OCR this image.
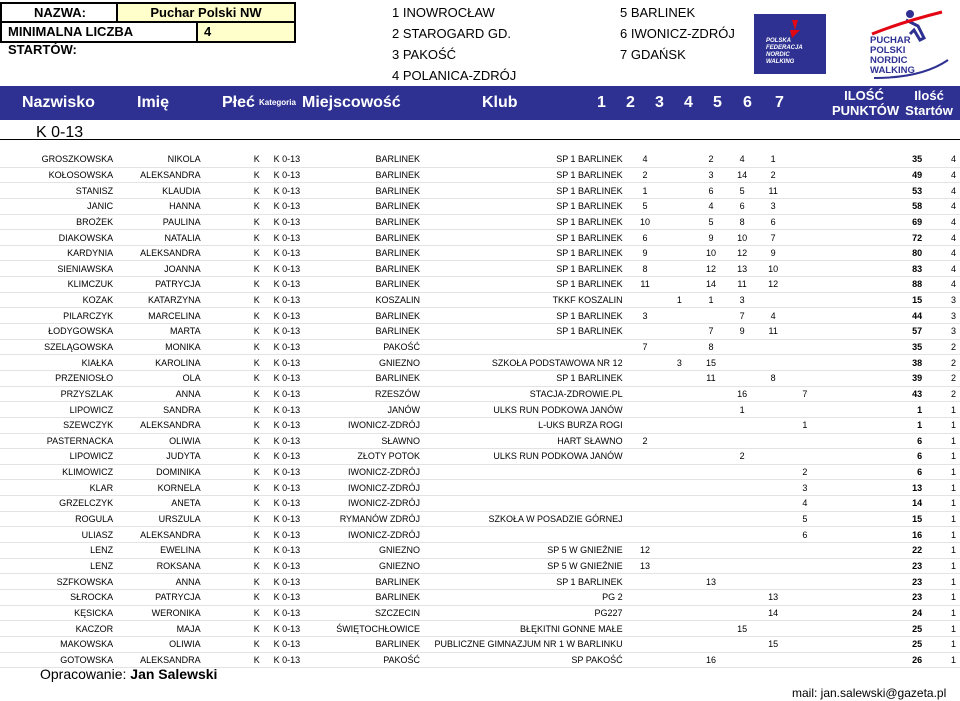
NAZWA:	Puchar Polski NW
MINIMALNA LICZBA STARTÓW:
4
1 INOWROCŁAW
2 STAROGARD GD.
3 PAKOŚĆ
4 POLANICA-ZDRÓJ
5 BARLINEK
6 IWONICZ-ZDRÓJ
7 GDAŃSK
POLSKA
FEDERACJA
NORDIC
WALKING
PUCHAR
POLSKI
NORDIC
WALKING
Nazwisko	Imię	Płeć Kategoria Miejscowość	Klub	1 2 3 4 5 6 7	ILOŚĆ
PUNKTÓW
Ilość
Startów
K 0-13
GROSZKOWSKA	NIKOLA	K	K 0-13	BARLINEK	SP 1 BARLINEK	4		2	4	1			35	4
KOŁOSOWSKA	ALEKSANDRA	K	K 0-13	BARLINEK	SP 1 BARLINEK	2		3	14	2			49	4
STANISZ	KLAUDIA	K	K 0-13	BARLINEK	SP 1 BARLINEK	1		6	5	11			53	4
JANIC	HANNA	K	K 0-13	BARLINEK	SP 1 BARLINEK	5		4	6	3			58	4
BROŻEK	PAULINA	K	K 0-13	BARLINEK	SP 1 BARLINEK	10		5	8	6			69	4
DIAKOWSKA	NATALIA	K	K 0-13	BARLINEK	SP 1 BARLINEK	6		9	10	7			72	4
KARDYNIA	ALEKSANDRA	K	K 0-13	BARLINEK	SP 1 BARLINEK	9		10	12	9			80	4
SIENIAWSKA	JOANNA	K	K 0-13	BARLINEK	SP 1 BARLINEK	8		12	13	10			83	4
KLIMCZUK	PATRYCJA	K	K 0-13	BARLINEK	SP 1 BARLINEK	11		14	11	12			88	4
KOZAK	KATARZYNA	K	K 0-13	KOSZALIN	TKKF KOSZALIN		1	1	3				15	3
PILARCZYK	MARCELINA	K	K 0-13	BARLINEK	SP 1 BARLINEK	3			7	4			44	3
ŁODYGOWSKA	MARTA	K	K 0-13	BARLINEK	SP 1 BARLINEK			7	9	11			57	3
SZELĄGOWSKA	MONIKA	K	K 0-13	PAKOŚĆ		7		8					35	2
KIAŁKA	KAROLINA	K	K 0-13	GNIEZNO	SZKOŁA PODSTAWOWA NR 12		3	15					38	2
PRZENIOSŁO	OLA	K	K 0-13	BARLINEK	SP 1 BARLINEK			11		8			39	2
PRZYSZLAK	ANNA	K	K 0-13	RZESZÓW	STACJA-ZDROWIE.PL				16		7		43	2
LIPOWICZ	SANDRA	K	K 0-13	JANÓW	ULKS RUN PODKOWA JANÓW				1				1	1
SZEWCZYK	ALEKSANDRA	K	K 0-13	IWONICZ-ZDRÓJ	L-UKS BURZA ROGI						1		1	1
PASTERNACKA	OLIWIA	K	K 0-13	SŁAWNO	HART SŁAWNO	2							6	1
LIPOWICZ	JUDYTA	K	K 0-13	ZŁOTY POTOK	ULKS RUN PODKOWA JANÓW				2				6	1
KLIMOWICZ	DOMINIKA	K	K 0-13	IWONICZ-ZDRÓJ							2		6	1
KLAR	KORNELA	K	K 0-13	IWONICZ-ZDRÓJ							3		13	1
GRZELCZYK	ANETA	K	K 0-13	IWONICZ-ZDRÓJ							4		14	1
ROGULA	URSZULA	K	K 0-13	RYMANÓW ZDRÓJ	SZKOŁA W POSADZIE GÓRNEJ						5		15	1
ULIASZ	ALEKSANDRA	K	K 0-13	IWONICZ-ZDRÓJ							6		16	1
LENZ	EWELINA	K	K 0-13	GNIEZNO	SP 5 W GNIEŹNIE	12							22	1
LENZ	ROKSANA	K	K 0-13	GNIEZNO	SP 5 W GNIEŹNIE	13							23	1
SZFKOWSKA	ANNA	K	K 0-13	BARLINEK	SP 1 BARLINEK			13					23	1
SŁROCKA	PATRYCJA	K	K 0-13	BARLINEK	PG 2					13			23	1
KĘSICKA	WERONIKA	K	K 0-13	SZCZECIN	PG227					14			24	1
KACZOR	MAJA	K	K 0-13	ŚWIĘTOCHŁOWICE	BŁĘKITNI GONNE MAŁE				15				25	1
MAKOWSKA	OLIWIA	K	K 0-13	BARLINEK	PUBLICZNE GIMNAZJUM NR 1 W BARLINKU					15			25	1
GOTOWSKA	ALEKSANDRA	K	K 0-13	PAKOŚĆ	SP PAKOŚĆ			16					26	1
Opracowanie: Jan Salewski
mail: jan.salewski@gazeta.pl
